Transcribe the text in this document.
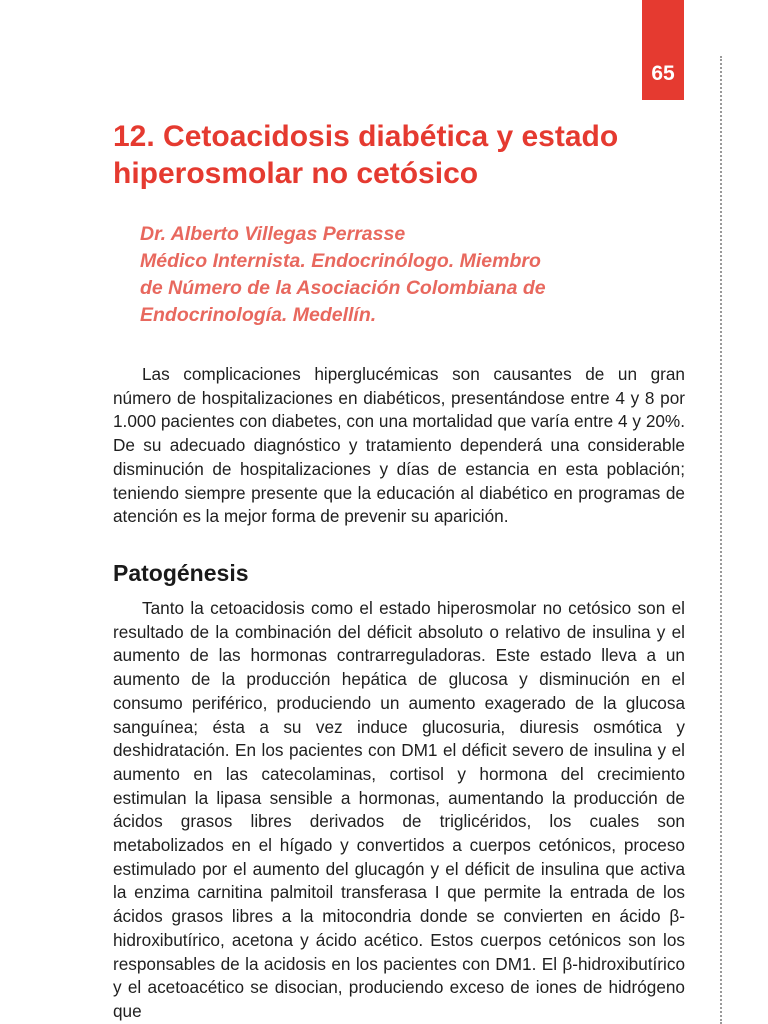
65
12. Cetoacidosis diabética y estado hiperosmolar no cetósico
Dr. Alberto Villegas Perrasse
Médico Internista. Endocrinólogo. Miembro
de Número de la Asociación Colombiana de
Endocrinología. Medellín.

Las complicaciones hiperglucémicas son causantes de un gran número de hospitalizaciones en diabéticos, presentándose entre 4 y 8 por 1.000 pacientes con diabetes, con una mortalidad que varía entre 4 y 20%. De su adecuado diagnóstico y tratamiento dependerá una considerable disminución de hospitalizaciones y días de estancia en esta población; teniendo siempre presente que la educación al diabético en programas de atención es la mejor forma de prevenir su aparición.

Patogénesis

Tanto la cetoacidosis como el estado hiperosmolar no cetósico son el resultado de la combinación del déficit absoluto o relativo de insulina y el aumento de las hormonas contrarreguladoras. Este estado lleva a un aumento de la producción hepática de glucosa y disminución en el consumo periférico, produciendo un aumento exagerado de la glucosa sanguínea; ésta a su vez induce glucosuria, diuresis osmótica y deshidratación. En los pacientes con DM1 el déficit severo de insulina y el aumento en las catecolaminas, cortisol y hormona del crecimiento estimulan la lipasa sensible a hormonas, aumentando la producción de ácidos grasos libres derivados de triglicéridos, los cuales son metabolizados en el hígado y convertidos a cuerpos cetónicos, proceso estimulado por el aumento del glucagón y el déficit de insulina que activa la enzima carnitina palmitoil transferasa I que permite la entrada de los ácidos grasos libres a la mitocondria donde se convierten en ácido β-hidroxibutírico, acetona y ácido acético. Estos cuerpos cetónicos son los responsables de la acidosis en los pacientes con DM1. El β-hidroxibutírico y el acetoacético se disocian, produciendo exceso de iones de hidrógeno que
